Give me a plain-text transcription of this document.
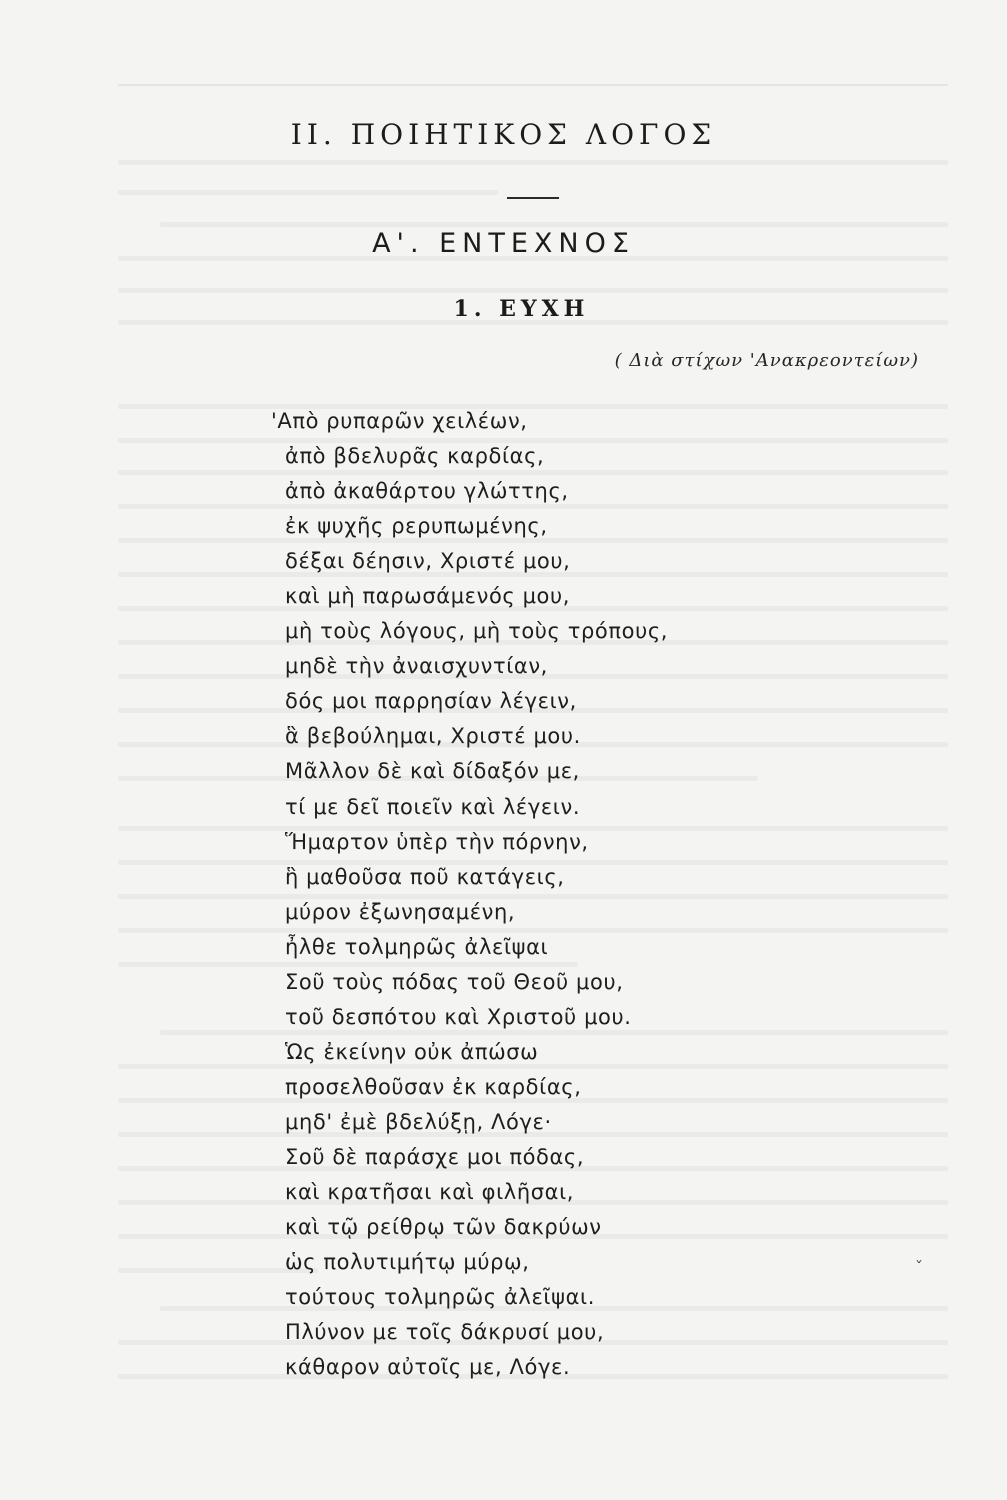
II. ΠΟΙΗΤΙΚΟΣ ΛΟΓΟΣ
Α'. ΕΝΤΕΧΝΟΣ
1. ΕΥΧΗ
( Διὰ στίχων 'Ανακρεοντείων)
'Απὸ ρυπαρῶν χειλέων,
ἀπὸ βδελυρᾶς καρδίας,
ἀπὸ ἀκαθάρτου γλώττης,
ἐκ ψυχῆς ρερυπωμένης,
δέξαι δέησιν, Χριστέ μου,
καὶ μὴ παρωσάμενός μου,
μὴ τοὺς λόγους, μὴ τοὺς τρόπους,
μηδὲ τὴν ἀναισχυντίαν,
δός μοι παρρησίαν λέγειν,
ἃ βεβούλημαι, Χριστέ μου.
Μᾶλλον δὲ καὶ δίδαξόν με,
τί με δεῖ ποιεῖν καὶ λέγειν.
Ἥμαρτον ὑπὲρ τὴν πόρνην,
ἣ μαθοῦσα ποῦ κατάγεις,
μύρον ἐξωνησαμένη,
ἦλθε τολμηρῶς ἀλεῖψαι
Σοῦ τοὺς πόδας τοῦ Θεοῦ μου,
τοῦ δεσπότου καὶ Χριστοῦ μου.
Ὡς ἐκείνην οὐκ ἀπώσω
προσελθοῦσαν ἐκ καρδίας,
μηδ' ἐμὲ βδελύξῃ, Λόγε·
Σοῦ δὲ παράσχε μοι πόδας,
καὶ κρατῆσαι καὶ φιλῆσαι,
καὶ τῷ ρείθρῳ τῶν δακρύων
ὡς πολυτιμήτῳ μύρῳ,
τούτους τολμηρῶς ἀλεῖψαι.
Πλύνον με τοῖς δάκρυσί μου,
κάθαρον αὐτοῖς με, Λόγε.
ˇ
